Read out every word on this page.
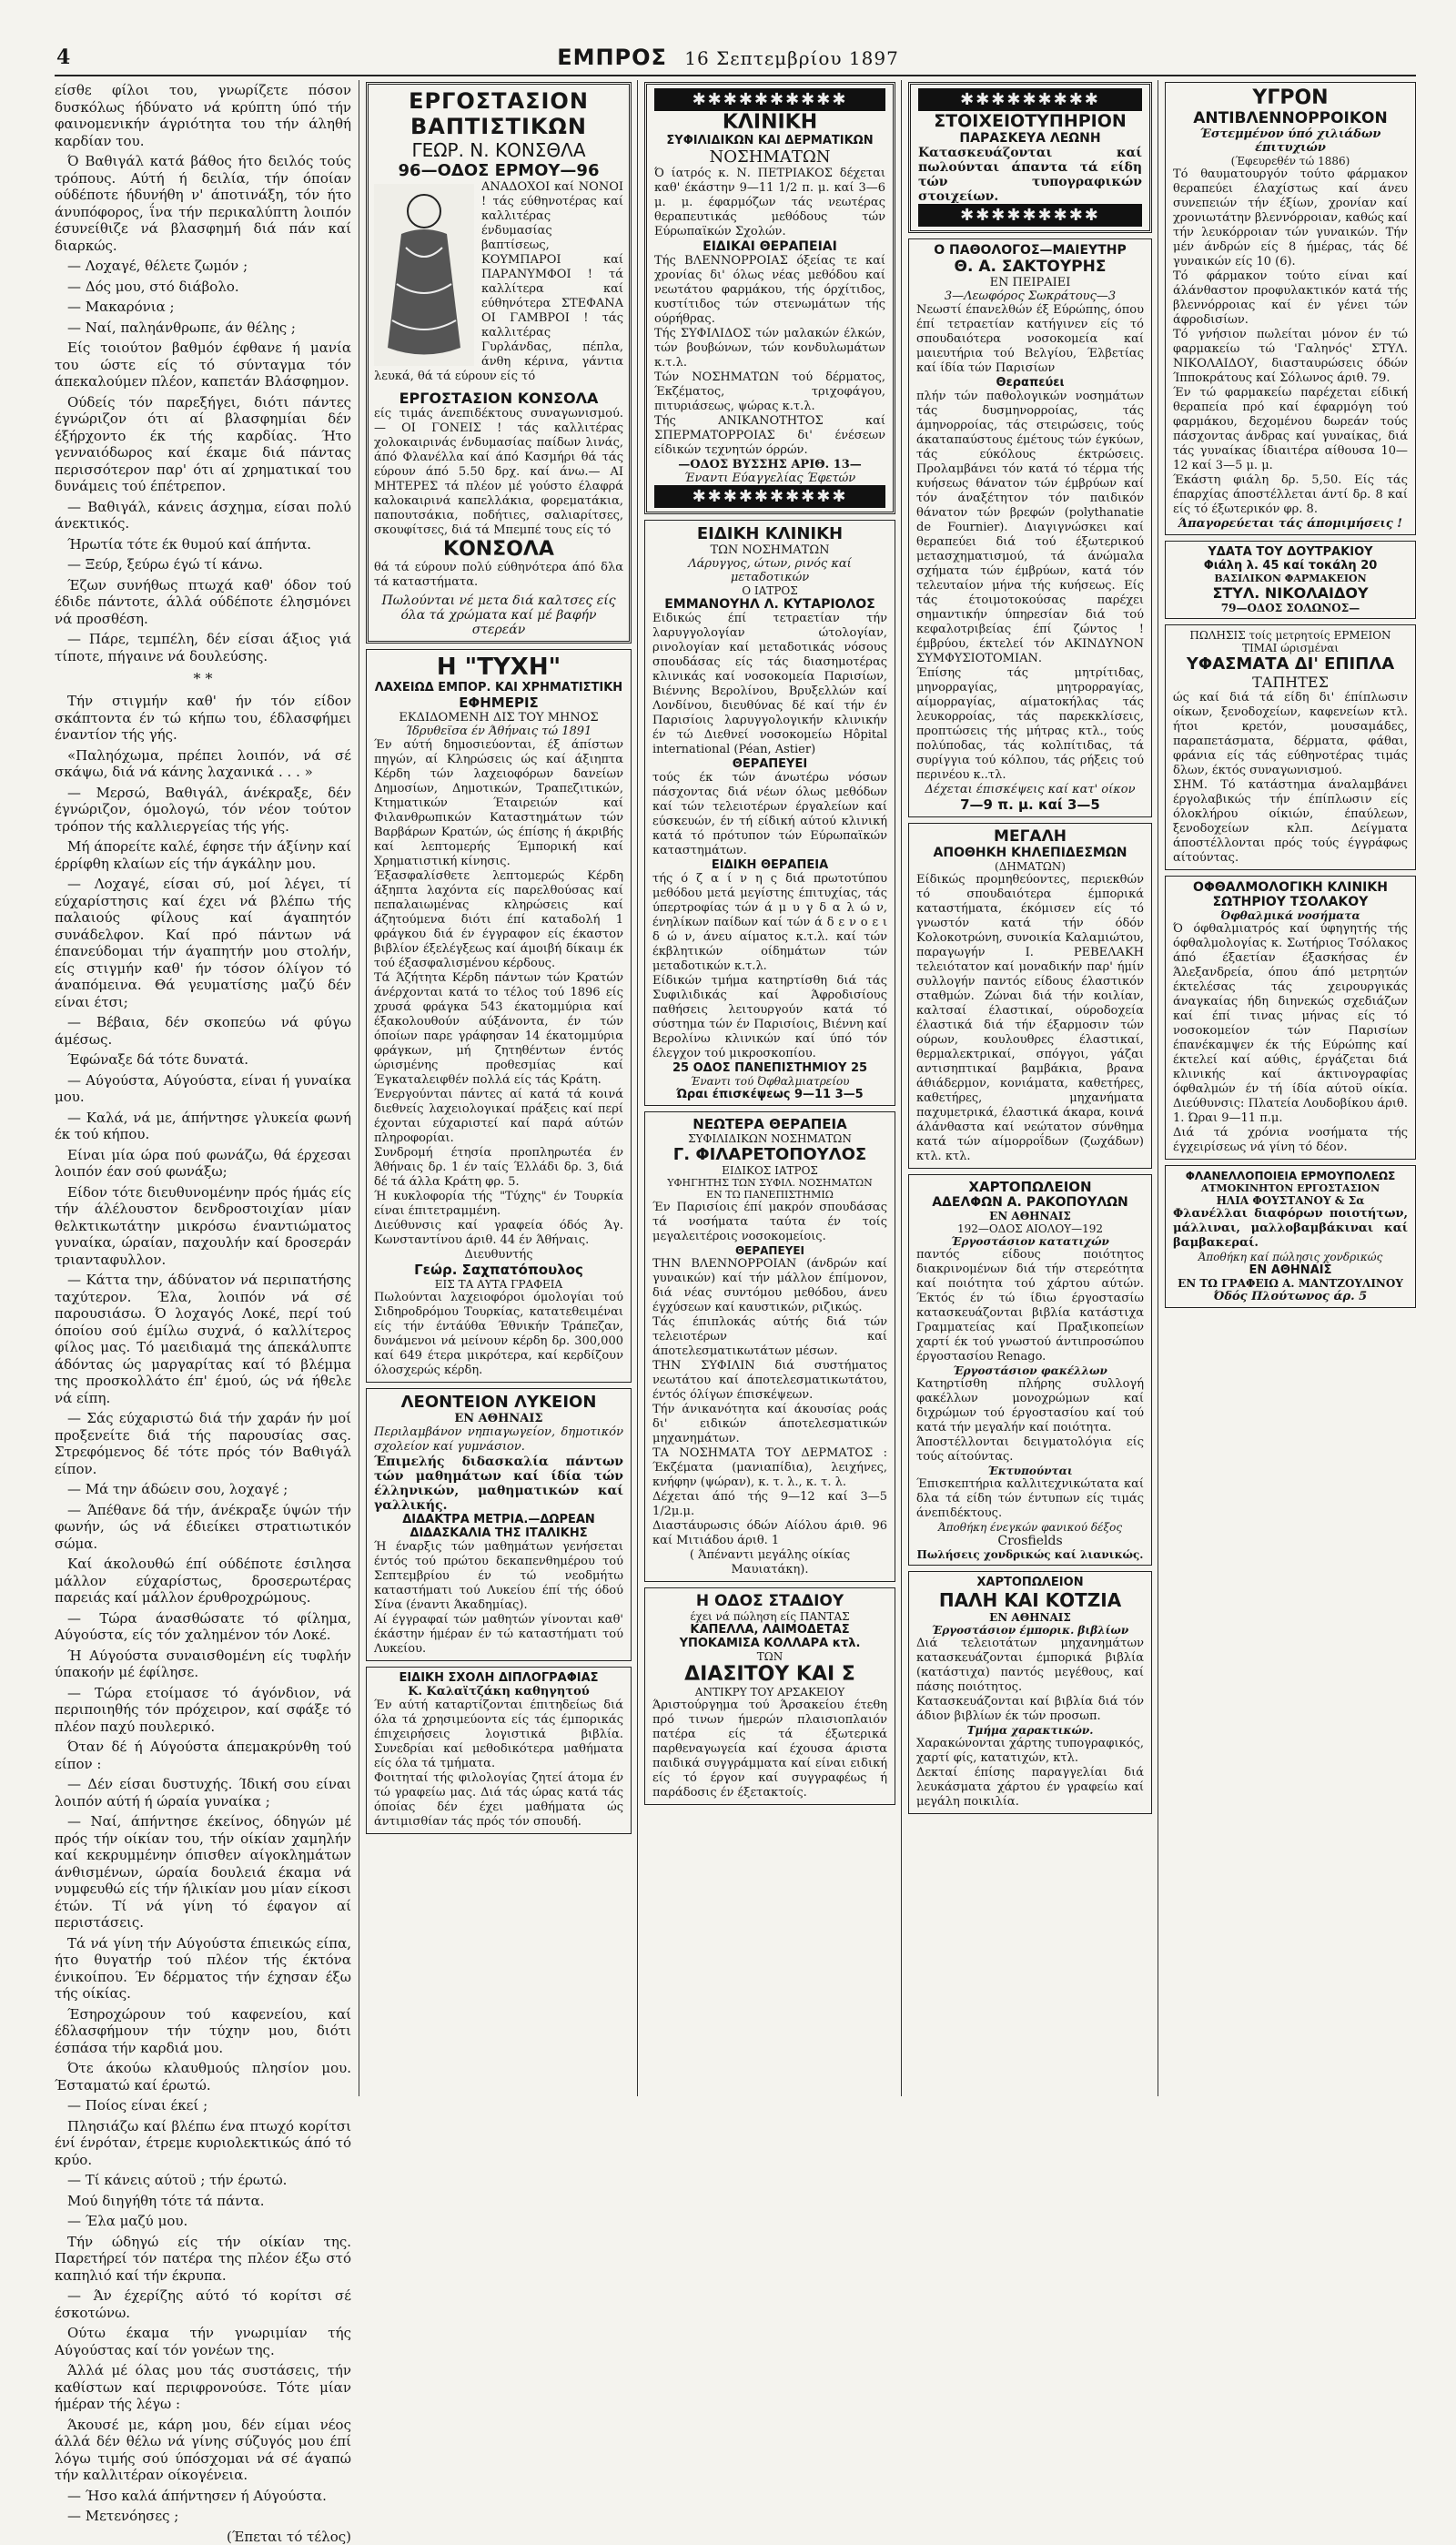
4	ΕΜΠΡΟΣ 16 Σεπτεμβρίου 1897

είσθε φίλοι του, γνωρίζετε πόσον δυσκόλως ήδύνατο νά κρύπτη ύπό τήν φαινομενικήν άγριότητα του τήν άληθή καρδίαν του.

Ό Βαθιγάλ κατά βάθος ήτο δειλός τούς τρόπους. Αύτή ή δειλία, τήν όποίαν ούδέποτε ήδυνήθη ν' άποτινάξη, τόν ήτο άνυπόφορος, ΐνα τήν περικαλύπτη λοιπόν έσυνείθιζε νά βλασφημή διά πάν καί διαρκώς.

— Λοχαγέ, θέλετε ζωμόν ;

— Δός μου, στό διάβολο.

— Μακαρόνια ;

— Ναί, παληάνθρωπε, άν θέλης ;

Είς τοιούτον βαθμόν έφθανε ή μανία του ώστε είς τό σύνταγμα τόν άπεκαλούμεν πλέον, καπετάν Βλάσφημον.

Ούδείς τόν παρεξήγει, διότι πάντες έγνώριζον ότι αί βλασφημίαι δέν έξήρχοντο έκ τής καρδίας. Ήτο γενναιόδωρος καί έκαμε διά πάντας περισσότερον παρ' ότι αί χρηματικαί του δυνάμεις τού έπέτρεπον.

— Βαθιγάλ, κάνεις άσχημα, είσαι πολύ άνεκτικός.

Ήρωτία τότε έκ θυμού καί άπήντα.

— Ξεύρ, ξεύρω έγώ τί κάνω.

Έζων συνήθως πτωχά καθ' όδον τού έδιδε πάντοτε, άλλά ούδέποτε έλησμόνει νά προσθέση.

— Πάρε, τεμπέλη, δέν είσαι άξιος γιά τίποτε, πήγαινε νά δουλεύσης.

* *

Τήν στιγμήν καθ' ήν τόν είδον σκάπτοντα έν τώ κήπω του, έδλασφήμει έναντίον τής γής.

«Παληόχωμα, πρέπει λοιπόν, νά σέ σκάψω, διά νά κάνης λαχανικά . . . »

— Μερσώ, Βαθιγάλ, άνέκραξε, δέν έγνώριζον, όμολογώ, τόν νέον τούτον τρόπον τής καλλιεργείας τής γής.

Μή άπορείτε καλέ, έφησε τήν άξίνην καί έρρίφθη κλαίων είς τήν άγκάλην μου.

— Λοχαγέ, είσαι σύ, μοί λέγει, τί εύχαρίστησις καί έχει νά βλέπω τής παλαιούς φίλους καί άγαπητόν συνάδελφον. Καί πρό πάντων νά έπανεύδομαι τήν άγαπητήν μου στολήν, είς στιγμήν καθ' ήν τόσον όλίγον τό άναπόμεινα. Θά γευματίσης μαζύ δέν είναι έτσι;

— Βέβαια, δέν σκοπεύω νά φύγω άμέσως.

Έφώναξε δά τότε δυνατά.

— Αύγούστα, Αύγούστα, είναι ή γυναίκα μου.

— Καλά, νά με, άπήντησε γλυκεία φωνή έκ τού κήπου.

Είναι μία ώρα πού φωνάζω, θά έρχεσαι λοιπόν έαν σού φωνάξω;

Είδον τότε διευθυνομένην πρός ήμάς είς τήν άλέλουστον δενδροστοιχίαν μίαν θελκτικωτάτην μικρόσω έναντιώματος γυναίκα, ώραίαν, παχουλήν καί δροσεράν τριανταφυλλον.

— Κάττα την, άδύνατον νά περιπατήσης ταχύτερον. Έλα, λοιπόν νά σέ παρουσιάσω. Ό λοχαγός Λοκέ, περί τού όποίου σού έμίλω συχνά, ό καλλίτερος φίλος μας. Τό μαειδιαμά της άπεκάλυπτε άδόντας ώς μαργαρίτας καί τό βλέμμα της προσκολλάτο έπ' έμού, ώς νά ήθελε νά είπη.

— Σάς εύχαριστώ διά τήν χαράν ήν μοί προξενείτε διά τής παρουσίας σας. Στρεφόμενος δέ τότε πρός τόν Βαθιγάλ είπον.

— Μά την άδώειν σου, λοχαγέ ;

— Άπέθανε δά τήν, άνέκραξε ύψών τήν φωνήν, ώς νά έδιείκει στρατιωτικόν σώμα.

Καί άκολουθώ έπί ούδέποτε έσιλησα μάλλον εύχαρίστως, δροσερωτέρας παρειάς καί μάλλον έρυθροχρώμους.

— Τώρα άνασθώσατε τό φίλημα, Αύγούστα, είς τόν χαλημένον τόν Λοκέ.

Ή Αύγούστα συναισθομένη είς τυφλήν ύπακοήν μέ έφίλησε.

— Τώρα ετοίμασε τό άγόνδιον, νά περιποιηθής τόν πρόχειρον, καί σφάξε τό πλέον παχύ πουλερικό.

Όταν δέ ή Αύγούστα άπεμακρύνθη τού είπον :

— Δέν είσαι δυστυχής. Ίδική σου είναι λοιπόν αύτή ή ώραία γυναίκα ;

— Ναί, άπήντησε έκείνος, όδηγών μέ πρός τήν οίκίαν του, τήν οίκίαν χαμηλήν καί κεκρυμμένην όπισθεν αίγοκλημάτων άνθισμένων, ώραία δουλειά έκαμα νά νυμφευθώ είς τήν ήλικίαν μου μίαν είκοσι έτών. Τί νά γίνη τό έφαγον αί περιστάσεις.

Τά νά γίνη τήν Αύγούστα έπιεικώς είπα, ήτο θυγατήρ τού πλέον τής έκτόνα ένικοίπου. Έν δέρματος τήν έχησαν έξω τής οίκίας.

Έσηροχώρουν τού καφενείου, καί έδλασφήμουν τήν τύχην μου, διότι έσπάσα τήν καρδιά μου.

Ότε άκούω κλαυθμούς πλησίον μου. Έσταματώ καί έρωτώ.

— Ποίος είναι έκεί ;

Πλησιάζω καί βλέπω ένα πτωχό κορίτσι ένί ένρόταν, έτρεμε κυριολεκτικώς άπό τό κρύο.

— Τί κάνεις αύτοϋ ; τήν έρωτώ.

Μού διηγήθη τότε τά πάντα.

— Έλα μαζύ μου.

Τήν ώδηγώ είς τήν οίκίαν της. Παρετήρεί τόν πατέρα της πλέον έξω στό καπηλιό καί τήν έκρυπα.

— Άν έχερίζης αύτό τό κορίτσι σέ έσκοτώνω.

Ούτω έκαμα τήν γνωριμίαν τής Αύγούστας καί τόν γονέων της.

Άλλά μέ όλας μου τάς συστάσεις, τήν καθίστων καί περιφρονούσε. Τότε μίαν ήμέραν τής λέγω :

Άκουσέ με, κάρη μου, δέν είμαι νέος άλλά δέν θέλω νά γίνης σύζυγός μου έπί λόγω τιμής σού ύπόσχομαι νά σέ άγαπώ τήν καλλιτέραν οίκογένεια.

— Ήσο καλά άπήντησεν ή Αύγούστα.

— Μετενόησες ;

(Έπεται τό τέλος)

ΕΡΓΟΣΤΑΣΙΟΝ ΒΑΠΤΙΣΤΙΚΩΝ
ΓΕΩΡ. Ν. ΚΟΝΣΘΛΑ
96—ΟΔΟΣ ΕΡΜΟΥ—96
ΑΝΑΔΟΧΟΙ καί ΝΟΝΟΙ ! τάς εύθηνοτέρας καί καλλιτέρας ένδυμασίας βαπτίσεως, ΚΟΥΜΠΑΡΟΙ καί ΠΑΡΑΝΥΜΦΟΙ ! τά καλλίτερα καί εύθηνότερα ΣΤΕΦΑΝΑ ΟΙ ΓΑΜΒΡΟΙ ! τάς καλλιτέρας Γυρλάνδας, πέπλα, άνθη κέρινα, γάντια λευκά, θά τά εύρουν είς τό
ΕΡΓΟΣΤΑΣΙΟΝ ΚΟΝΣΟΛΑ
είς τιμάς άνεπιδέκτους συναγωνισμού. — ΟΙ ΓΟΝΕΙΣ ! τάς καλλιτέρας χολοκαιρινάς ένδυμασίας παίδων λινάς, άπό Φλανέλλα καί άπό Κασμήρι θά τάς εύρουν άπό 5.50 δρχ. καί άνω.— ΑΙ ΜΗΤΕΡΕΣ τά πλέον μέ γούστο έλαφρά καλοκαιρινά καπελλάκια, φορεματάκια, παπουτσάκια, ποδήτιες, σαλιαρίτσες, σκουφίτσες, διά τά Μπεμπέ τους είς τό
ΚΟΝΣΟΛΑ
θά τά εύρουν πολύ εύθηνότερα άπό δλα τά καταστήματα.
Πωλούνται νέ μετα διά καλτσες είς όλα τά χρώματα καί μέ βαφήν στερεάν
Η "ΤΥΧΗ"
ΛΑΧΕΙΩΔ ΕΜΠΟΡ. ΚΑΙ ΧΡΗΜΑΤΙΣΤΙΚΗ
ΕΦΗΜΕΡΙΣ
ΕΚΔΙΔΟΜΕΝΗ ΔΙΣ ΤΟΥ ΜΗΝΟΣ
Ίδρυθεϊσα έν Άθήναις τώ 1891
Έν αύτή δημοσιεύονται, έξ άπίστων πηγών, αί Κληρώσεις ώς καί άξιηπτα Κέρδη τών λαχειοφόρων δανείων Δημοσίων, Δημοτικών, Τραπεζιτικών, Κτηματικών Έταιρειών καί Φιλανθρωπικών Καταστημάτων τών Βαρβάρων Κρατών, ώς έπίσης ή άκριβής καί λεπτομερής Έμπορική καί Χρηματιστική κίνησις.
Έξασφαλίσθετε λεπτομερώς Κέρδη άξηπτα λαχόντα είς παρελθούσας καί πεπαλαιωμένας κληρώσεις καί άζητούμενα διότι έπί καταδολή 1 φράγκου διά έν έγγραφον είς έκαστον βιβλίον έξελέγξεως καί άμοιβή δίκαιμ έκ τού έξασφαλισμένου κέρδους.
Τά Άζήτητα Κέρδη πάντων τών Κρατών άνέρχονται κατά το τέλος τού 1896 είς χρυσά φράγκα 543 έκατομμύρια καί έξακολουθούν αύξάνοντα, έν τών όποίων παρε γράφησαν 14 έκατομμύρια φράγκων, μή ζητηθέντων έντός ώρισμένης προθεσμίας καί Έγκαταλειφθέν πολλά είς τάς Κράτη.
Ένεργούνται πάντες αί κατά τά κοινά διεθνείς λαχειολογικαί πράξεις καί περί έχονται εύχαριστεί καί παρά αύτών πληροφορίαι.
Συνδρομή έτησία προπληρωτέα έν Άθήναις δρ. 1 έν ταίς Έλλάδι δρ. 3, διά δέ τά άλλα Κράτη φρ. 5.
Ή κυκλοφορία τής "Τύχης" έν Τουρκία είναι έπιτετραμμένη.
Διεύθυνσις καί γραφεία όδός Άγ. Κωνσταντίνου άριθ. 44 έν Άθήναις.
Διευθυντής
Γεώρ. Σαχπατόπουλος
ΕΙΣ ΤΑ ΑΥΤΑ ΓΡΑΦΕΙΑ
Πωλούνται λαχειοφόροι όμολογίαι τού Σιδηροδρόμου Τουρκίας, κατατεθειμέναι είς τήν έντάύθα Έθνικήν Τράπεζαν, δυνάμενοι νά μείνουν κέρδη δρ. 300,000 καί 649 έτερα μικρότερα, καί κερδίζουν όλοσχερώς κέρδη.
ΛΕΟΝΤΕΙΟΝ ΛΥΚΕΙΟΝ
ΕΝ ΑΘΗΝΑΙΣ
Περιλαμβάνον νηπιαγωγείον, δημοτικόν σχολείον καί γυμνάσιον.
Έπιμελής διδασκαλία πάντων τών μαθημάτων καί ίδία τών έλληνικών, μαθηματικών καί γαλλικής.
ΔΙΔΑΚΤΡΑ ΜΕΤΡΙΑ.—ΔΩΡΕΑΝ ΔΙΔΑΣΚΑΛΙΑ ΤΗΣ ΙΤΑΛΙΚΗΣ
Ή έναρξις τών μαθημάτων γενήσεται έντός τού πρώτου δεκαπενθημέρου τού Σεπτεμβρίου έν τώ νεοδμήτω καταστήματι τού Λυκείου έπί τής όδού Σίνα (έναντι Άκαδημίας).
Αί έγγραφαί τών μαθητών γίνονται καθ' έκάστην ήμέραν έν τώ καταστήματι τού Λυκείου.
ΕΙΔΙΚΗ ΣΧΟΛΗ ΔΙΠΛΟΓΡΑΦΙΑΣ
Κ. Καλαϊτζάκη καθηγητού
Έν αύτή καταρτίζονται έπιτηδείως διά όλα τά χρησιμεύοντα είς τάς έμπορικάς έπιχειρήσεις λογιστικά βιβλία. Συνεδρίαι καί μεθοδικότερα μαθήματα είς όλα τά τμήματα.
Φοιτηταί τής φιλολογίας ζητεί άτομα έν τώ γραφείω μας. Διά τάς ώρας κατά τάς όποίας δέν έχει μαθήματα ώς άντιμισθίαν τάς πρός τόν σπουδή.
✱✱✱✱✱✱✱✱✱✱
ΚΛΙΝΙΚΗ
ΣΥΦΙΛΙΔΙΚΩΝ ΚΑΙ ΔΕΡΜΑΤΙΚΩΝ
ΝΟΣΗΜΑΤΩΝ
Ό ίατρός κ. Ν. ΠΕΤΡΙΑΚΟΣ δέχεται καθ' έκάστην 9—11 1/2 π. μ. καί 3—6 μ. μ. έφαρμόζων τάς νεωτέρας θεραπευτικάς μεθόδους τών Εύρωπαϊκών Σχολών.
ΕΙΔΙΚΑΙ ΘΕΡΑΠΕΙΑΙ
Τής ΒΛΕΝΝΟΡΡΟΙΑΣ όξείας τε καί χρονίας δι' όλως νέας μεθόδου καί νεωτάτου φαρμάκου, τής όρχίτιδος, κυστίτιδος τών στενωμάτων τής ούρήθρας.
Τής ΣΥΦΙΛΙΔΟΣ τών μαλακών έλκών, τών βουβώνων, τών κονδυλωμάτων κ.τ.λ.
Τών ΝΟΣΗΜΑΤΩΝ τού δέρματος, Έκζέματος, τριχοφάγου, πιτυριάσεως, ψώρας κ.τ.λ.
Τής ΑΝΙΚΑΝΟΤΗΤΟΣ καί ΣΠΕΡΜΑΤΟΡΡΟΙΑΣ δι' ένέσεων είδικών τεχνητών όρρών.
—ΟΔΟΣ ΒΥΣΣΗΣ ΑΡΙΘ. 13—
Έναντι Εύαγγελίας Έφετών
✱✱✱✱✱✱✱✱✱✱
ΕΙΔΙΚΗ ΚΛΙΝΙΚΗ
ΤΩΝ ΝΟΣΗΜΑΤΩΝ
Λάρυγγος, ώτων, ρινός καί μεταδοτικών
Ο ΙΑΤΡΟΣ
ΕΜΜΑΝΟΥΗΛ Λ. ΚΥΤΑΡΙΟΛΟΣ
Ειδικώς έπί τετραετίαν τήν λαρυγγολογίαν ώτολογίαν, ρινολογίαν καί μεταδοτικάς νόσους σπουδάσας είς τάς διασημοτέρας κλινικάς καί νοσοκομεία Παρισίων, Βιέννης Βερολίνου, Βρυξελλών καί Λονδίνου, διευθύνας δέ καί τήν έν Παρισίοις λαρυγγολογικήν κλινικήν έν τώ Διεθνεί νοσοκομείω Hôpital international (Péan, Astier)
ΘΕΡΑΠΕΥΕΙ
τούς έκ τών άνωτέρω νόσων πάσχοντας διά νέων όλως μεθόδων καί τών τελειοτέρων έργαλείων καί εύσκευών, έν τή είδική αύτού κλινική κατά τό πρότυπον τών Εύρωπαϊκών καταστημάτων.
ΕΙΔΙΚΗ ΘΕΡΑΠΕΙΑ
τής ό ζ α ί ν η ς διά πρωτοτύπου μεθόδου μετά μεγίστης έπιτυχίας, τάς ύπερτροφίας τών ά μ υ γ δ α λ ώ ν, ένηλίκων παίδων καί τών ά δ ε ν ο ε ι δ ώ ν, άνευ αίματος κ.τ.λ. καί τών έκβλητικών οίδημάτων τών μεταδοτικών κ.τ.λ.
Είδικών τμήμα κατηρτίσθη διά τάς Συφιλιδικάς καί Άφροδισίους παθήσεις λειτουργούν κατά τό σύστημα τών έν Παρισίοις, Βιέννη καί Βερολίνω κλινικών καί ύπό τόν έλεγχον τού μικροσκοπίου.
25 ΟΔΟΣ ΠΑΝΕΠΙΣΤΗΜΙΟΥ 25
Έναντι τού Όφθαλμιατρείου
Ώραι έπισκέψεως 9—11 3—5
ΝΕΩΤΕΡΑ ΘΕΡΑΠΕΙΑ
ΣΥΦΙΛΙΔΙΚΩΝ ΝΟΣΗΜΑΤΩΝ
Γ. ΦΙΛΑΡΕΤΟΠΟΥΛΟΣ
ΕΙΔΙΚΟΣ ΙΑΤΡΟΣ
ΥΦΗΓΗΤΗΣ ΤΩΝ ΣΥΦΙΛ. ΝΟΣΗΜΑΤΩΝ
ΕΝ ΤΩ ΠΑΝΕΠΙΣΤΗΜΙΩ
Έν Παρισίοις έπί μακρόν σπουδάσας τά νοσήματα ταύτα έν τοίς μεγαλειτέροις νοσοκομείοις.
ΘΕΡΑΠΕΥΕΙ
ΤΗΝ ΒΛΕΝΝΟΡΡΟΙΑΝ (άνδρών καί γυναικών) καί τήν μάλλον έπίμονον, διά νέας συντόμου μεθόδου, άνευ έγχύσεων καί καυστικών, ριζικώς.
Τάς έπιπλοκάς αύτής διά τών τελειοτέρων καί άποτελεσματικωτάτων μέσων.
ΤΗΝ ΣΥΦΙΛΙΝ διά συστήματος νεωτάτου καί άποτελεσματικωτάτου, έντός όλίγων έπισκέψεων.
Τήν άνικανότητα καί άκουσίας ροάς δι' ειδικών άποτελεσματικών μηχανημάτων.
ΤΑ ΝΟΣΗΜΑΤΑ ΤΟΥ ΔΕΡΜΑΤΟΣ : Έκζέματα (μανιαπίδια), λειχήνες, κνήφην (ψώραν), κ. τ. λ., κ. τ. λ.
Δέχεται άπό τής 9—12 καί 3—5 1/2μ.μ.
Διαστάυρωσις όδών Αίόλου άριθ. 96 καί Μιτιάδου άριθ. 1
( Άπέναντι μεγάλης οίκίας Μαυιατάκη).
Η ΟΔΟΣ ΣΤΑΔΙΟΥ
έχει νά πώληση είς ΠΑΝΤΑΣ
ΚΑΠΕΛΛΑ, ΛΑΙΜΟΔΕΤΑΣ
ΥΠΟΚΑΜΙΣΑ ΚΟΛΛΑΡΑ κτλ.
ΤΩΝ
ΔΙΑΣΙΤΟΥ ΚΑΙ Σ
ΑΝΤΙΚΡΥ ΤΟΥ ΑΡΣΑΚΕΙΟΥ
Άριστούργημα τού Άρσακείου έτεθη πρό τινων ήμερών πλαισιοπλαιόν πατέρα είς τά έξωτερικά παρθεναγωγεία καί έχουσα άριστα παιδικά συγγράμματα καί είναι ειδική είς τό έργον καί συγγραφέως ή παράδοσις έν έξετακτοίς.
✱✱✱✱✱✱✱✱✱
ΣΤΟΙΧΕΙΟΤΥΠΗΡΙΟΝ
ΠΑΡΑΣΚΕΥΑ ΛΕΩΝΗ
Κατασκευάζονται καί πωλούνται άπαντα τά είδη τών τυπογραφικών στοιχείων.
✱✱✱✱✱✱✱✱✱
Ο ΠΑΘΟΛΟΓΟΣ—ΜΑΙΕΥΤΗΡ
Θ. Α. ΣΑΚΤΟΥΡΗΣ
ΕΝ ΠΕΙΡΑΙΕΙ
3—Λεωφόρος Σωκράτους—3
Νεωστί έπανελθών έξ Εύρώπης, όπου έπί τετραετίαν κατήγινεν είς τό σπουδαιότερα νοσοκομεία καί μαιευτήρια τού Βελγίου, Έλβετίας καί ίδία τών Παρισίων
Θεραπεύει
πλήν τών παθολογικών νοσημάτων τάς δυσμηνορροίας, τάς άμηνορροίας, τάς στειρώσεις, τούς άκαταπαύστους έμέτους τών έγκύων, τάς εύκόλους έκτρώσεις. Προλαμβάνει τόν κατά τό τέρμα τής κυήσεως θάνατον τών έμβρύων καί τόν άναξέτητον τόν παιδικόν θάνατον τών βρεφών (polythanatie de Fournier). Διαγιγνώσκει καί θεραπεύει διά τού έξωτερικού μετασχηματισμού, τά άνώμαλα σχήματα τών έμβρύων, κατά τόν τελευταίον μήνα τής κυήσεως. Είς τάς έτοιμοτοκούσας παρέχει σημαντικήν ύπηρεσίαν διά τού κεφαλοτριβείας έπί ζώντος ! έμβρύου, έκτελεί τόν ΑΚΙΝΔΥΝΟΝ ΣΥΜΦΥΣΙΟΤΟΜΙΑΝ.
Έπίσης τάς μητρίτιδας, μηνορραγίας, μητρορραγίας, αίμορραγίας, αίματοκήλας τάς λευκορροίας, τάς παρεκκλίσεις, προπτώσεις τής μήτρας κτλ., τούς πολύποδας, τάς κολπίτιδας, τά συρίγγια τού κόλπου, τάς ρήξεις τού περινέου κ..τλ.
Δέχεται έπισκέψεις καί κατ' οίκον
7—9 π. μ. καί 3—5
ΜΕΓΑΛΗ
ΑΠΟΘΗΚΗ ΚΗΛΕΠΙΔΕΣΜΩΝ
(ΔΗΜΑΤΩΝ)
Είδικώς προμηθεύοντες, περιεκθών τό σπουδαιότερα έμπορικά καταστήματα, έκόμισεν είς τό γνωστόν κατά τήν όδόν Κολοκοτρώνη, συνοικία Καλαμιώτου, παραγωγήν Ι. ΡΕΒΕΛΑΚΗ τελειότατον καί μοναδικήν παρ' ήμίν συλλογήν παντός είδους έλαστικόν σταθμών. Ζώναι διά τήν κοιλίαν, καλτσαί έλαστικαί, ούροδοχεία έλαστικά διά τήν έξαρμοσιν τών ούρων, κουλουθρες έλαστικαί, θερμαλεκτρικαί, σπόγγοι, γάζαι αντισηπτικαί βαμβάκια, βρανα άθιάδερμον, κονιάματα, καθετήρες, καθετήρες, μηχανήματα παχυμετρικά, έλαστικά άκαρα, κοινά άλάνθαστα καί νεώτατον σύνθημα κατά τών αίμορροΐδων (ζωχάδων) κτλ. κτλ.
ΧΑΡΤΟΠΩΛΕΙΟΝ
ΑΔΕΛΦΩΝ Α. ΡΑΚΟΠΟΥΛΩΝ
ΕΝ ΑΘΗΝΑΙΣ
192—ΟΔΟΣ ΑΙΟΛΟΥ—192
Έργοστάσιον κατατιχών
παντός είδους ποιότητος διακρινομένων διά τήν στερεότητα καί ποιότητα τού χάρτου αύτών. Έκτός έν τώ ίδιω έργοστασίω κατασκευάζονται βιβλία κατάστιχα Γραμματείας καί Πραξικοπείων χαρτί έκ τού γνωστού άντιπροσώπου έργοστασίου Renago.
Έργοστάσιον φακέλλων
Κατηρτίσθη πλήρης συλλογή φακέλλων μονοχρώμων καί διχρώμων τού έργοστασίου καί τού κατά τήν μεγαλήν καί ποιότητα.
Άποστέλλονται δειγματολόγια είς τούς αίτούντας.
Έκτυπούνται
Έπισκεπτήρια καλλιτεχνικώτατα καί δλα τά είδη τών έντυπων είς τιμάς άνεπιδέκτους.
Άποθήκη ένεγκών φανικού δέξος
Crosfields
Πωλήσεις χονδρικώς καί λιανικώς.
ΧΑΡΤΟΠΩΛΕΙΟΝ
ΠΑΛΗ ΚΑΙ ΚΟΤΖΙΑ
ΕΝ ΑΘΗΝΑΙΣ
Έργοστάσιον έμπορικ. βιβλίων
Διά τελειοτάτων μηχανημάτων κατασκευάζονται έμπορικά βιβλία (κατάστιχα) παντός μεγέθους, καί πάσης ποιότητος.
Κατασκευάζονται καί βιβλία διά τόν άδιον βιβλίων έκ τών προσωπ.
Τμήμα χαρακτικών.
Χαρακώνονται χάρτης τυπογραφικός, χαρτί φίς, κατατιχών, κτλ.
Δεκταί έπίσης παραγγελίαι διά λευκάσματα χάρτου έν γραφείω καί μεγάλη ποικιλία.
ΥΓΡΟΝ
ΑΝΤΙΒΛΕΝΝΟΡΡΟΙΚΟΝ
Έστεμμένον ύπό χιλιάδων έπιτυχιών
(Έφευρεθέν τώ 1886)
Τό θαυματουργόν τούτο φάρμακον θεραπεύει έλαχίστως καί άνευ συνεπειών τήν έξίων, χρονίαν καί χρονιωτάτην βλεννόρροιαν, καθώς καί τήν λευκόρροιαν τών γυναικών. Τήν μέν άνδρών είς 8 ήμέρας, τάς δέ γυναικών είς 10 (6).
Τό φάρμακον τούτο είναι καί άλάνθαστον προφυλακτικόν κατά τής βλεννόρροιας καί έν γένει τών άφροδισίων.
Τό γνήσιον πωλείται μόνον έν τώ φαρμακείω τώ 'Γαληνός' ΣΤΥΛ. ΝΙΚΟΛΑΙΔΟΥ, διασταυρώσεις όδών Ίπποκράτους καί Σόλωνος άριθ. 79.
Έν τώ φαρμακείω παρέχεται είδική θεραπεία πρό καί έφαρμόγη τού φαρμάκου, δεχομένου δωρεάν τούς πάσχοντας άνδρας καί γυναίκας, διά τάς γυναίκας ίδιαιτέρα αίθουσα 10—12 καί 3—5 μ. μ.
Έκάστη φιάλη δρ. 5,50. Είς τάς έπαρχίας άποστέλλεται άντί δρ. 8 καί είς τό έξωτερικόν φρ. 8.
Άπαγορεύεται τάς άπομιμήσεις !
ΥΔΑΤΑ ΤΟΥ ΔΟΥΤΡΑΚΙΟΥ
Φιάλη λ. 45 καί τοκάλη 20
ΒΑΣΙΛΙΚΟΝ ΦΑΡΜΑΚΕΙΟΝ
ΣΤΥΛ. ΝΙΚΟΛΑΙΔΟΥ
79—ΟΔΟΣ ΣΟΛΩΝΟΣ—
ΠΩΛΗΣΙΣ τοίς μετρητοίς ΕΡΜΕΙΟΝ ΤΙΜΑΙ ώρισμέναι
ΥΦΑΣΜΑΤΑ ΔΙ' ΕΠΙΠΛΑ
ΤΑΠΗΤΕΣ
ώς καί διά τά είδη δι' έπίπλωσιν οίκων, ξενοδοχείων, καφενείων κτλ. ήτοι κρετόν, μουσαμάδες, παραπετάσματα, δέρματα, φάθαι, φράνια είς τάς εύθηνοτέρας τιμάς δλων, έκτός συναγωνισμού.
ΣΗΜ. Τό κατάστημα άναλαμβάνει έργολαβικώς τήν έπίπλωσιν είς όλοκλήρου οίκιών, έπαύλεων, ξενοδοχείων κλπ. Δείγματα άποστέλλονται πρός τούς έγγράφως αίτούντας.
ΟΦΘΑΛΜΟΛΟΓΙΚΗ ΚΛΙΝΙΚΗ
ΣΩΤΗΡΙΟΥ ΤΣΟΛΑΚΟΥ
Όφθαλμικά νοσήματα
Ό όφθαλμιατρός καί ύφηγητής τής όφθαλμολογίας κ. Σωτήριος Τσόλακος άπό έξαετίαν έξασκήσας έν Άλεξανδρεία, όπου άπό μετρητών έκτελέσας τάς χειρουργικάς άναγκαίας ήδη διηνεκώς σχεδιάζων καί έπί τινας μήνας είς τό νοσοκομείον τών Παρισίων έπανέκαμψεν έκ τής Εύρώπης καί έκτελεί καί αύθις, έργάζεται διά κλινικής καί άκτινογραφίας όφθαλμών έν τή ίδία αύτοϋ οίκία. Διεύθυνσις: Πλατεία Λουδοβίκου άριθ. 1. Ώραι 9—11 π.μ.
Διά τά χρόνια νοσήματα τής έγχειρίσεως νά γίνη τό δέον.
ΦΛΑΝΕΛΛΟΠΟΙΕΙΑ ΕΡΜΟΥΠΟΛΕΩΣ
ΑΤΜΟΚΙΝΗΤΟΝ ΕΡΓΟΣΤΑΣΙΟΝ
ΗΛΙΑ ΦΟΥΣΤΑΝΟΥ & Σα
Φλανέλλαι διαφόρων ποιοτήτων, μάλλιναι, μαλλοβαμβάκιναι καί βαμβακεραί.
Άποθήκη καί πώλησις χονδρικώς
ΕΝ ΑΘΗΝΑΙΣ
ΕΝ ΤΩ ΓΡΑΦΕΙΩ Α. ΜΑΝΤΖΟΥΛΙΝΟΥ
Όδός Πλούτωνος άρ. 5
